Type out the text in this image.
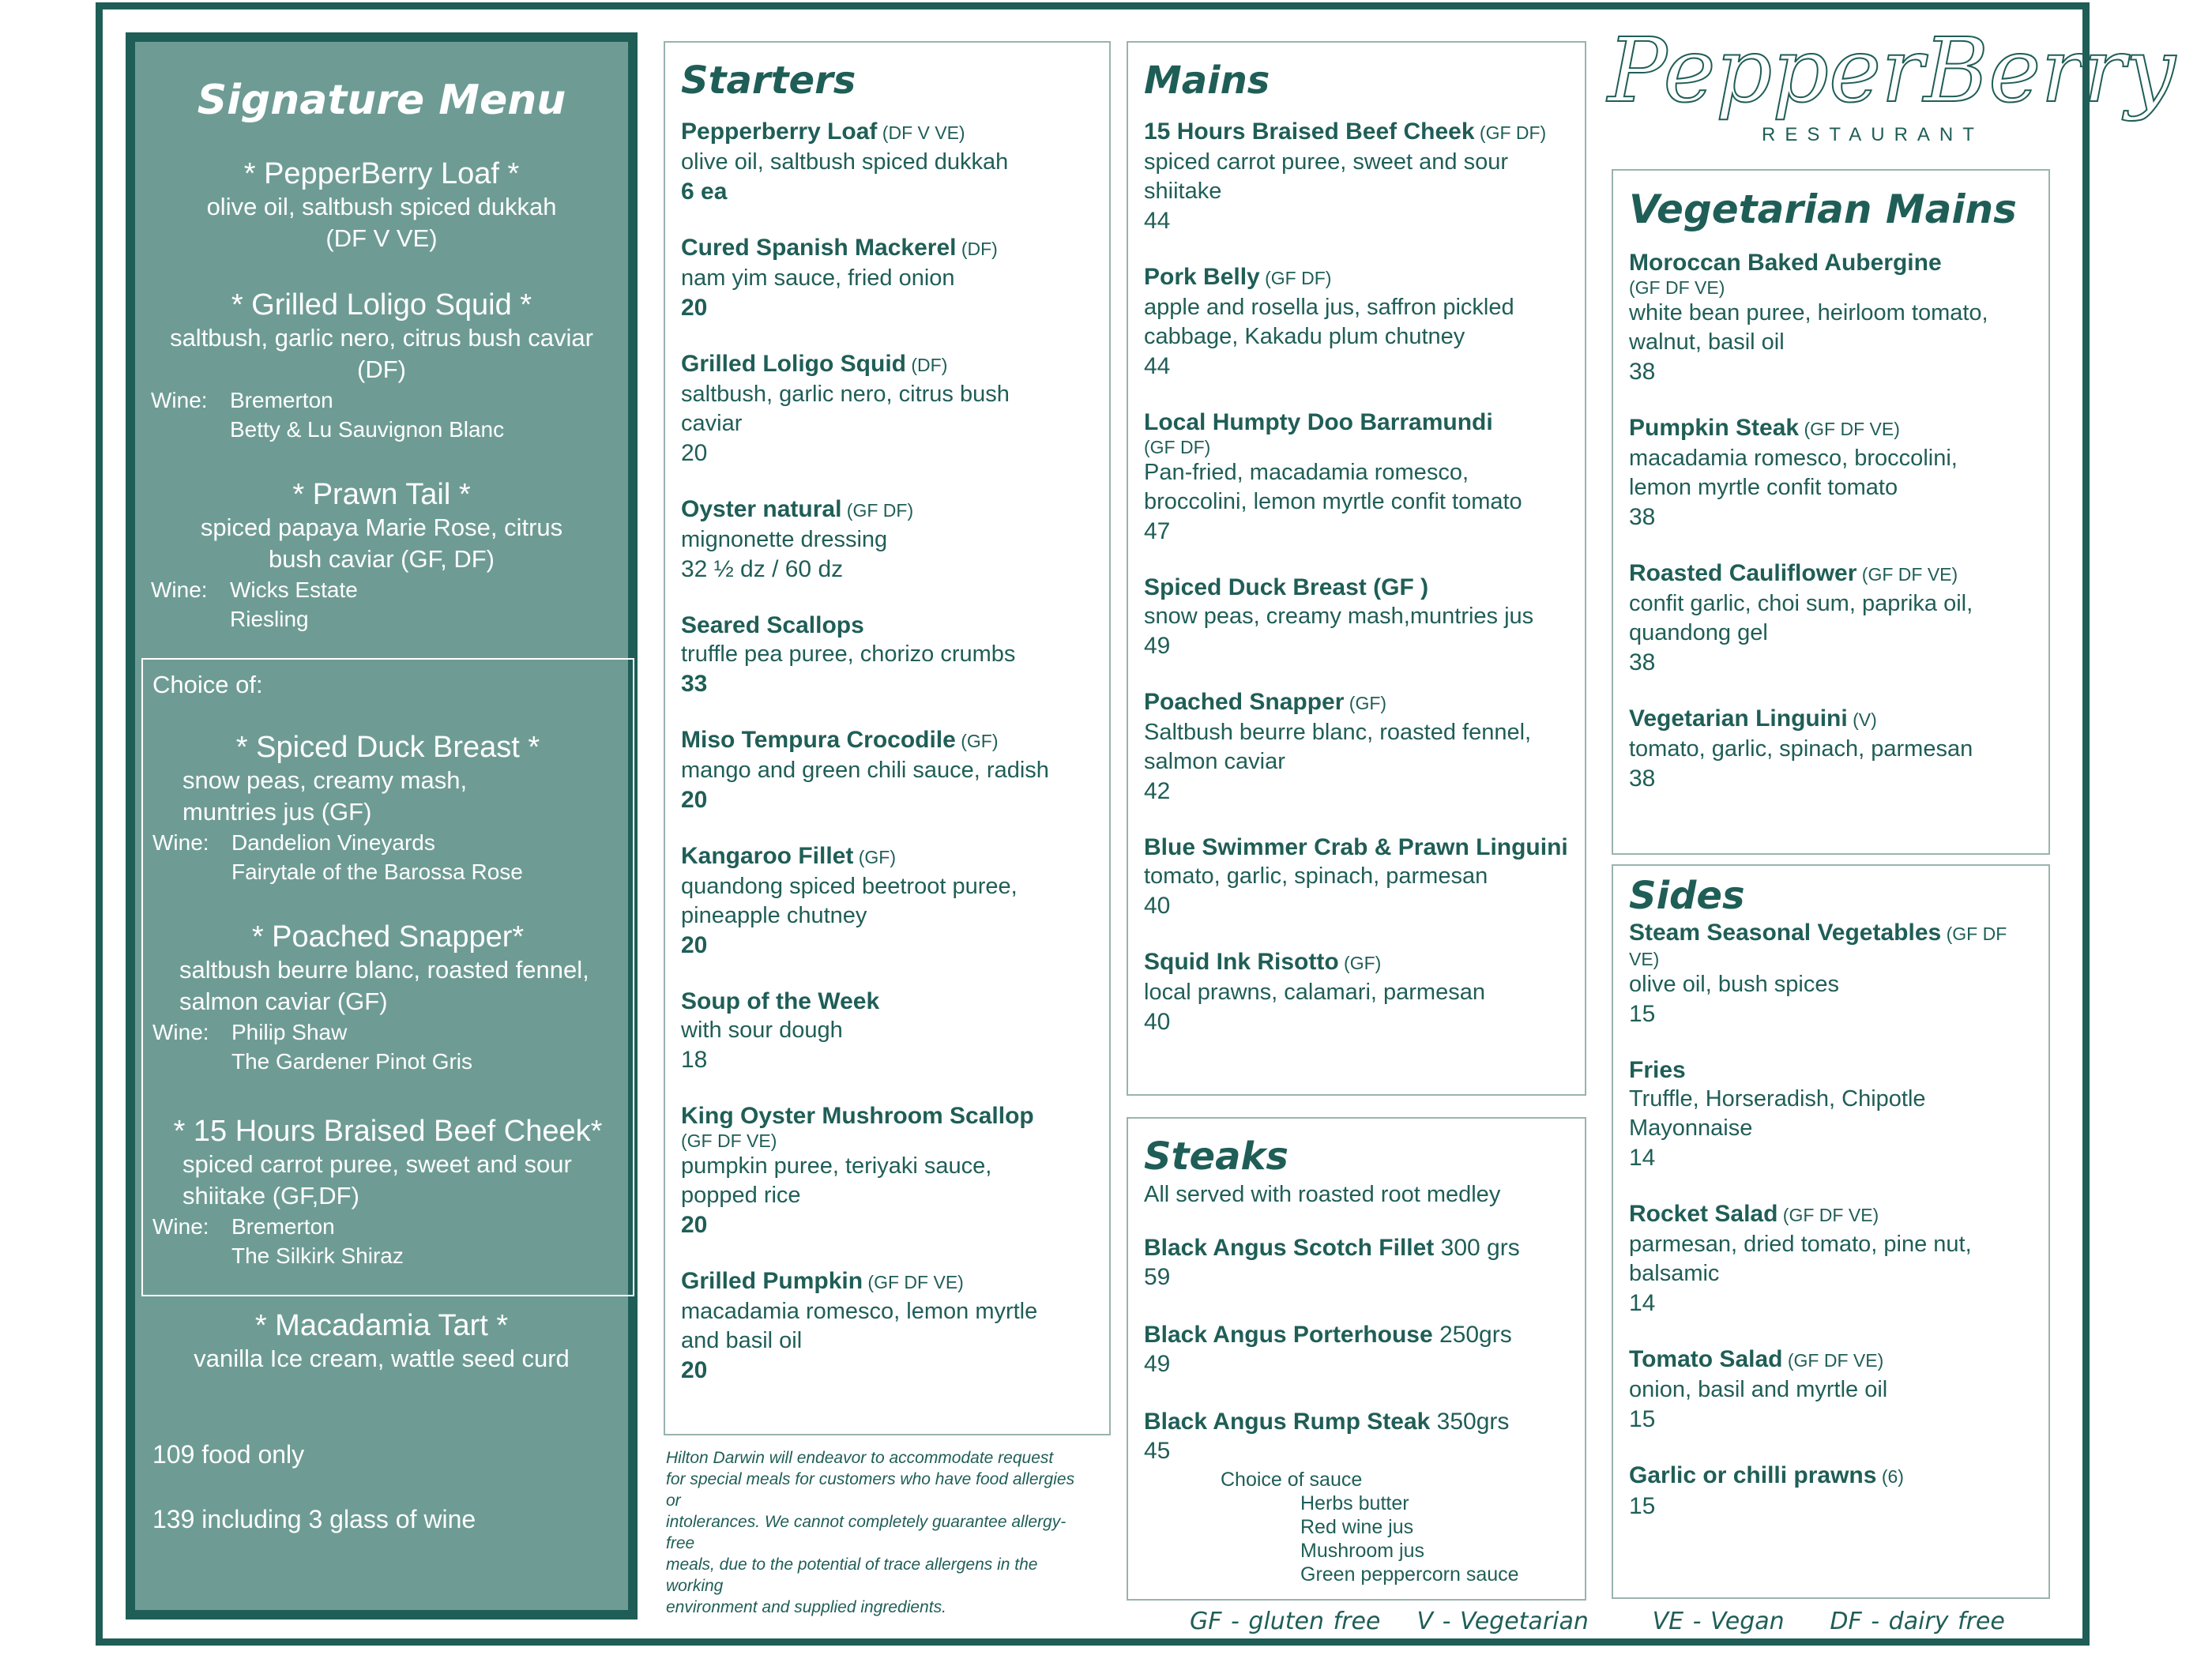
Signature Menu
* PepperBerry Loaf *
olive oil, saltbush spiced dukkah
(DF V VE)
* Grilled Loligo Squid *
saltbush, garlic nero, citrus bush caviar
(DF)
Wine:	Bremerton
Betty & Lu Sauvignon Blanc
* Prawn Tail *
spiced papaya Marie Rose, citrus
bush caviar (GF, DF)
Wine:	Wicks Estate
Riesling
Choice of:
* Spiced Duck Breast *
snow peas, creamy mash,
muntries jus (GF)
Wine:	Dandelion Vineyards
Fairytale of the Barossa Rose
* Poached Snapper*
saltbush beurre blanc, roasted fennel,
salmon caviar (GF)
Wine:	Philip Shaw
The Gardener Pinot Gris
* 15 Hours Braised Beef Cheek*
spiced carrot puree, sweet and sour
shiitake (GF,DF)
Wine:	Bremerton
The Silkirk Shiraz
* Macadamia Tart *
vanilla Ice cream, wattle seed curd
109 food only
139 including 3 glass of wine
Starters
Pepperberry Loaf (DF V VE)
olive oil, saltbush spiced dukkah
6 ea
Cured Spanish Mackerel (DF)
nam yim sauce, fried onion
20
Grilled Loligo Squid (DF)
saltbush, garlic nero, citrus bush
caviar
20
Oyster natural (GF DF)
mignonette dressing
32 ½ dz / 60 dz
Seared Scallops
truffle pea puree, chorizo crumbs
33
Miso Tempura Crocodile (GF)
mango and green chili sauce, radish
20
Kangaroo Fillet (GF)
quandong spiced beetroot puree,
pineapple chutney
20
Soup of the Week
with sour dough
18
King Oyster Mushroom Scallop
(GF DF VE)
pumpkin puree, teriyaki sauce,
popped rice
20
Grilled Pumpkin (GF DF VE)
macadamia romesco, lemon myrtle
and basil oil
20
Hilton Darwin will endeavor to accommodate request
for special meals for customers who have food allergies
or
intolerances. We cannot completely guarantee allergy-
free
meals, due to the potential of trace allergens in the
working
environment and supplied ingredients.
Mains
15 Hours Braised Beef Cheek (GF DF)
spiced carrot puree, sweet and sour
shiitake
44
Pork Belly (GF DF)
apple and rosella jus, saffron pickled
cabbage, Kakadu plum chutney
44
Local Humpty Doo Barramundi
(GF DF)
Pan-fried, macadamia romesco,
broccolini, lemon myrtle confit tomato
47
Spiced Duck Breast (GF )
snow peas, creamy mash,muntries jus
49
Poached Snapper (GF)
Saltbush beurre blanc, roasted fennel,
salmon caviar
42
Blue Swimmer Crab & Prawn Linguini
tomato, garlic, spinach, parmesan
40
Squid Ink Risotto (GF)
local prawns, calamari, parmesan
40
Steaks
All served with roasted root medley
Black Angus Scotch Fillet 300 grs
59
Black Angus Porterhouse 250grs
49
Black Angus Rump Steak 350grs
45
Choice of sauce
Herbs butter
Red wine jus
Mushroom jus
Green peppercorn sauce
PepperBerry
RESTAURANT
Vegetarian Mains
Moroccan Baked Aubergine
(GF DF VE)
white bean puree, heirloom tomato,
walnut, basil oil
38
Pumpkin Steak (GF DF VE)
macadamia romesco, broccolini,
lemon myrtle confit tomato
38
Roasted Cauliflower (GF DF VE)
confit garlic, choi sum, paprika oil,
quandong gel
38
Vegetarian Linguini (V)
tomato, garlic, spinach, parmesan
38
Sides
Steam Seasonal Vegetables (GF DF
VE)
olive oil, bush spices
15
Fries
Truffle, Horseradish, Chipotle
Mayonnaise
14
Rocket Salad (GF DF VE)
parmesan, dried tomato, pine nut,
balsamic
14
Tomato Salad (GF DF VE)
onion, basil and myrtle oil
15
Garlic or chilli prawns (6)
15
GF - gluten free V - Vegetarian	VE - Vegan DF - dairy free
